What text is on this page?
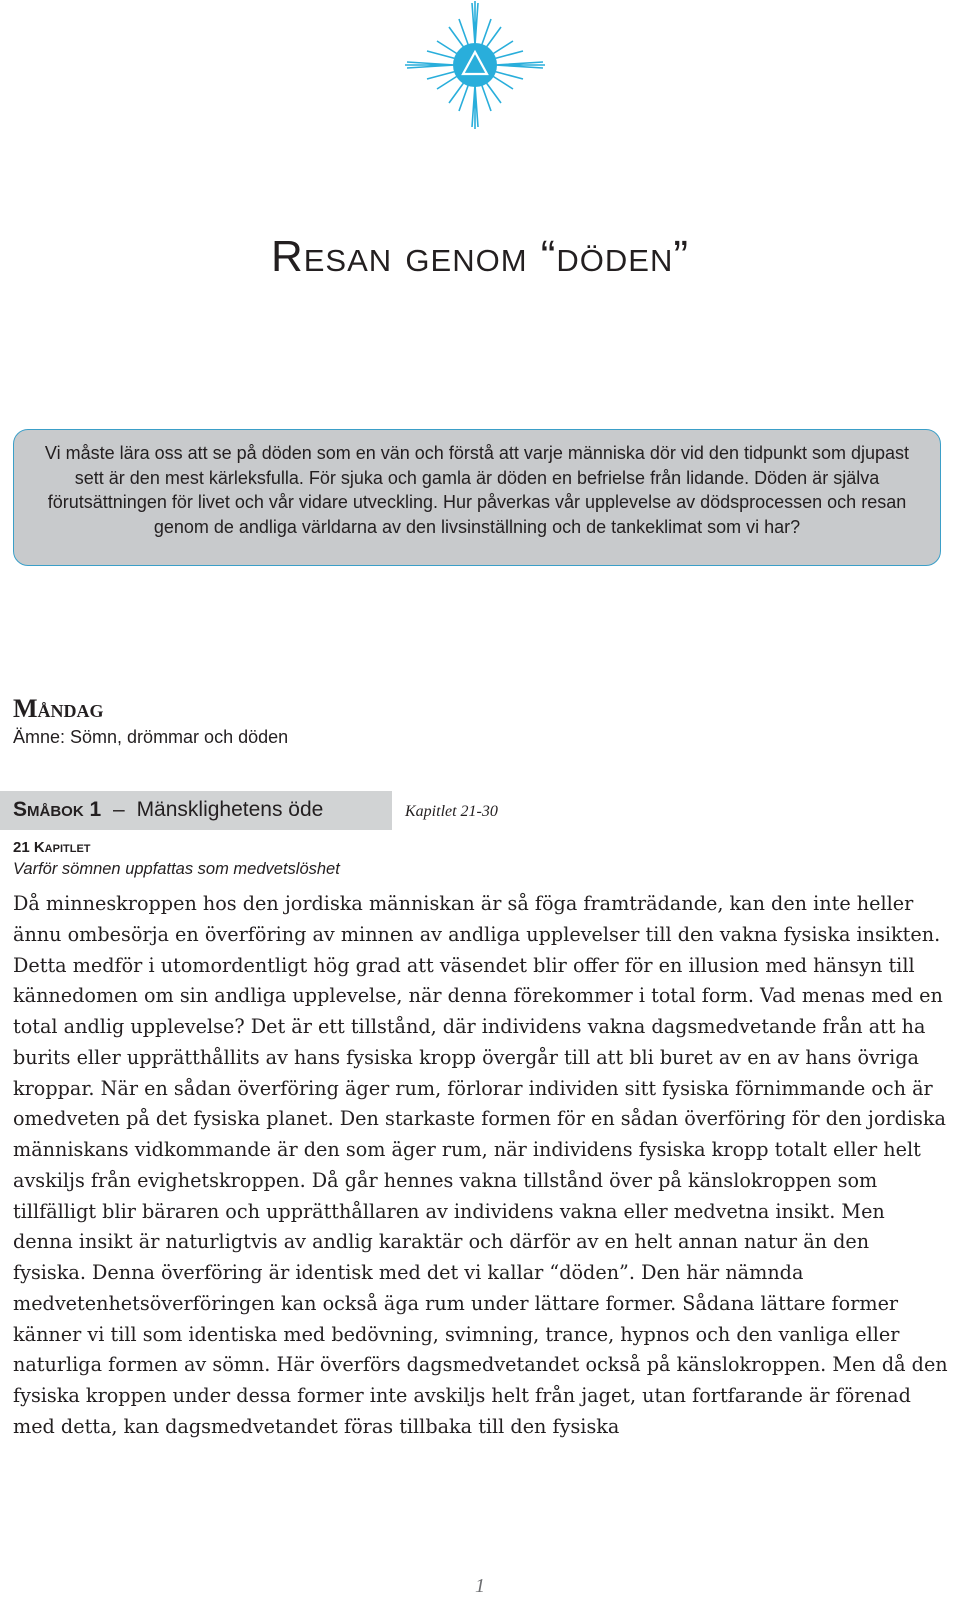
Resan genom “döden”
Vi måste lära oss att se på döden som en vän och förstå att varje människa dör vid den tidpunkt som djupast sett är den mest kärleksfulla. För sjuka och gamla är döden en befrielse från lidande. Döden är själva förutsättningen för livet och vår vidare utveckling. Hur påverkas vår upplevelse av dödsprocessen och resan genom de andliga världarna av den livsinställning och de tankeklimat som vi har?
Måndag
Ämne: Sömn, drömmar och döden
Småbok 1 – Mänsklighetens öde	Kapitlet 21-30
21 Kapitlet
Varför sömnen uppfattas som medvetslöshet

Då minneskroppen hos den jordiska människan är så föga framträdande, kan den inte heller ännu ombesörja en överföring av minnen av andliga upplevelser till den vakna fysiska insikten. Detta medför i utomordentligt hög grad att väsendet blir offer för en illusion med hänsyn till kännedomen om sin andliga upplevelse, när denna förekommer i total form. Vad menas med en total andlig upplevelse? Det är ett tillstånd, där individens vakna dagsmedvetande från att ha burits eller upprätthållits av hans fysiska kropp övergår till att bli buret av en av hans övriga kroppar. När en sådan överföring äger rum, förlorar individen sitt fysiska förnimmande och är omedveten på det fysiska planet. Den starkaste formen för en sådan överföring för den jordiska människans vidkommande är den som äger rum, när individens fysiska kropp totalt eller helt avskiljs från evighetskroppen. Då går hennes vakna tillstånd över på känslokroppen som tillfälligt blir bäraren och upprätthållaren av individens vakna eller medvetna insikt. Men denna insikt är naturligtvis av andlig karaktär och därför av en helt annan natur än den fysiska. Denna överföring är identisk med det vi kallar “döden”. Den här nämnda medvetenhetsöverföringen kan också äga rum under lättare former. Sådana lättare former känner vi till som identiska med bedövning, svimning, trance, hypnos och den vanliga eller naturliga formen av sömn. Här överförs dagsmedvetandet också på känslokroppen. Men då den fysiska kroppen under dessa former inte avskiljs helt från jaget, utan fortfarande är förenad med detta, kan dagsmedvetandet föras tillbaka till den fysiska

1
